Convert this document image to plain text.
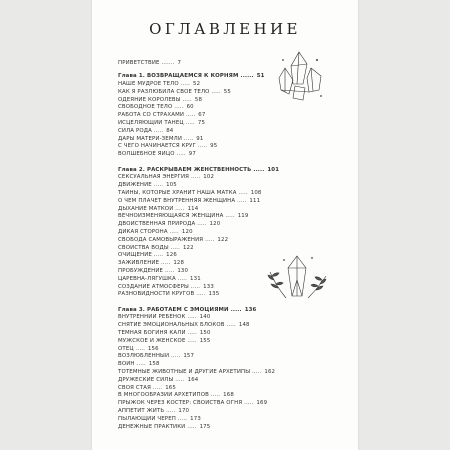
ОГЛАВЛЕНИЕ
ПРИВЕТСТВИЕ ....... 7
Глава 1. ВОЗВРАЩАЕМСЯ К КОРНЯМ ...... 51
НАШЕ МУДРОЕ ТЕЛО ..... 52
КАК Я РАЗЛЮБИЛА СВОЕ ТЕЛО ..... 55
ОДЕЯНИЕ КОРОЛЕВЫ ..... 58
СВОБОДНОЕ ТЕЛО ..... 60
РАБОТА СО СТРАХАМИ ..... 67
ИСЦЕЛЯЮЩИЙ ТАНЕЦ ..... 75
СИЛА РОДА ..... 84
ДАРЫ МАТЕРИ-ЗЕМЛИ ..... 91
С ЧЕГО НАЧИНАЕТСЯ КРУГ ..... 95
ВОЛШЕБНОЕ ЯЙЦО ..... 97
Глава 2. РАСКРЫВАЕМ ЖЕНСТВЕННОСТЬ ..... 101
СЕКСУАЛЬНАЯ ЭНЕРГИЯ ..... 102
ДВИЖЕНИЕ ..... 105
ТАЙНЫ, КОТОРЫЕ ХРАНИТ НАША МАТКА ..... 108
О ЧЕМ ПЛАЧЕТ ВНУТРЕННЯЯ ЖЕНЩИНА ..... 111
ДЫХАНИЕ МАТКОЙ ..... 114
ВЕЧНОИЗМЕНЯЮЩАЯСЯ ЖЕНЩИНА ..... 119
ДВОЙСТВЕННАЯ ПРИРОДА ..... 120
ДИКАЯ СТОРОНА ..... 120
СВОБОДА САМОВЫРАЖЕНИЯ ..... 122
СВОЙСТВА ВОДЫ ..... 122
ОЧИЩЕНИЕ ..... 126
ЗАЖИВЛЕНИЕ ..... 128
ПРОБУЖДЕНИЕ ..... 130
ЦАРЕВНА-ЛЯГУШКА ..... 131
СОЗДАНИЕ АТМОСФЕРЫ ..... 133
РАЗНОВИДНОСТИ КРУГОВ ..... 135
Глава 3. РАБОТАЕМ С ЭМОЦИЯМИ ..... 136
ВНУТРЕННИЙ РЕБЕНОК ..... 140
СНЯТИЕ ЭМОЦИОНАЛЬНЫХ БЛОКОВ ..... 148
ТЕМНАЯ БОГИНЯ КАЛИ ..... 150
МУЖСКОЕ И ЖЕНСКОЕ ..... 155
ОТЕЦ ..... 156
ВОЗЛЮБЛЕННЫЙ ..... 157
ВОИН ..... 158
ТОТЕМНЫЕ ЖИВОТНЫЕ И ДРУГИЕ АРХЕТИПЫ ..... 162
ДРУЖЕСКИЕ СИЛЫ ..... 164
СВОЯ СТАЯ ..... 165
В МНОГООБРАЗИИ АРХЕТИПОВ ..... 168
ПРЫЖОК ЧЕРЕЗ КОСТЕР: СВОЙСТВА ОГНЯ ..... 169
АППЕТИТ ЖИТЬ ..... 170
ПЫЛАЮЩИЙ ЧЕРЕП ..... 173
ДЕНЕЖНЫЕ ПРАКТИКИ ..... 175
